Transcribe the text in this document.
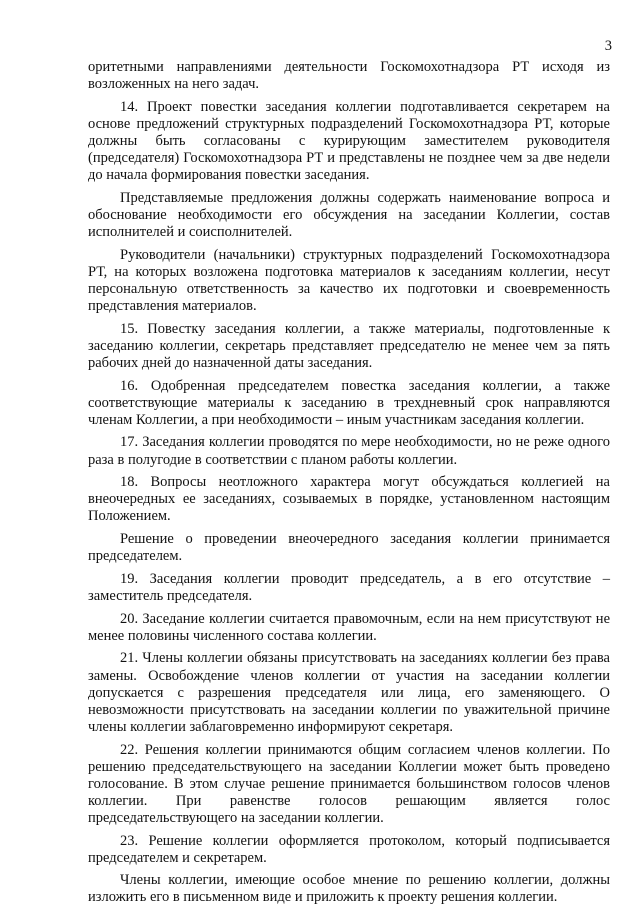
3

оритетными направлениями деятельности Госкомохотнадзора РТ исходя из возложенных на него задач.

14. Проект повестки заседания коллегии подготавливается секретарем на основе предложений структурных подразделений Госкомохотнадзора РТ, которые должны быть согласованы с курирующим заместителем руководителя (председателя) Госкомохотнадзора РТ и представлены не позднее чем за две недели до начала формирования повестки заседания.

Представляемые предложения должны содержать наименование вопроса и обоснование необходимости его обсуждения на заседании Коллегии, состав исполнителей и соисполнителей.

Руководители (начальники) структурных подразделений Госкомохотнадзора РТ, на которых возложена подготовка материалов к заседаниям коллегии, несут персональную ответственность за качество их подготовки и своевременность представления материалов.

15. Повестку заседания коллегии, а также материалы, подготовленные к заседанию коллегии, секретарь представляет председателю не менее чем за пять рабочих дней до назначенной даты заседания.

16. Одобренная председателем повестка заседания коллегии, а также соответствующие материалы к заседанию в трехдневный срок направляются членам Коллегии, а при необходимости – иным участникам заседания коллегии.

17. Заседания коллегии проводятся по мере необходимости, но не реже одного раза в полугодие в соответствии с планом работы коллегии.

18. Вопросы неотложного характера могут обсуждаться коллегией на внеочередных ее заседаниях, созываемых в порядке, установленном настоящим Положением.

Решение о проведении внеочередного заседания коллегии принимается председателем.

19. Заседания коллегии проводит председатель, а в его отсутствие – заместитель председателя.

20. Заседание коллегии считается правомочным, если на нем присутствуют не менее половины численного состава коллегии.

21. Члены коллегии обязаны присутствовать на заседаниях коллегии без права замены. Освобождение членов коллегии от участия на заседании коллегии допускается с разрешения председателя или лица, его заменяющего. О невозможности присутствовать на заседании коллегии по уважительной причине члены коллегии заблаговременно информируют секретаря.

22. Решения коллегии принимаются общим согласием членов коллегии. По решению председательствующего на заседании Коллегии может быть проведено голосование. В этом случае решение принимается большинством голосов членов коллегии. При равенстве голосов решающим является голос председательствующего на заседании коллегии.

23. Решение коллегии оформляется протоколом, который подписывается председателем и секретарем.

Члены коллегии, имеющие особое мнение по решению коллегии, должны изложить его в письменном виде и приложить к проекту решения коллегии.
